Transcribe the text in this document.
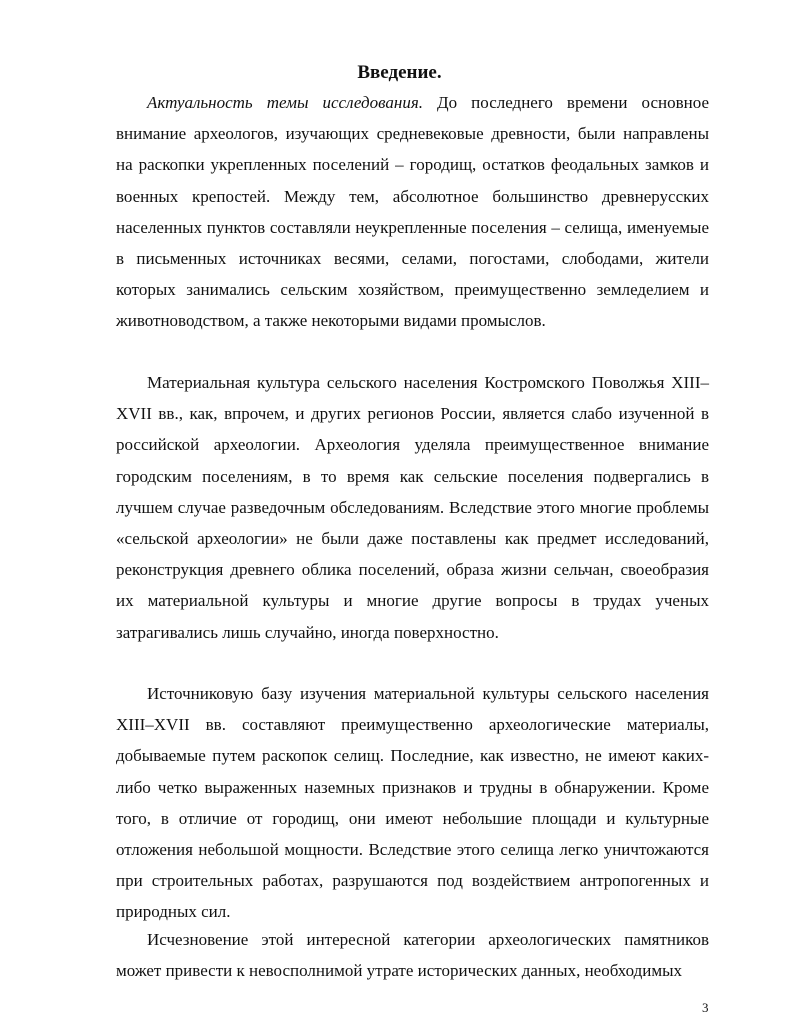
Введение.

Актуальность темы исследования. До последнего времени основное внимание археологов, изучающих средневековые древности, были направлены на раскопки укрепленных поселений – городищ, остатков феодальных замков и военных крепостей. Между тем, абсолютное большинство древнерусских населенных пунктов составляли неукрепленные поселения – селища, именуемые в письменных источниках весями, селами, погостами, слободами, жители которых занимались сельским хозяйством, преимущественно земледелием и животноводством, а также некоторыми видами промыслов.

Материальная культура сельского населения Костромского Поволжья XIII–XVII вв., как, впрочем, и других регионов России, является слабо изученной в российской археологии. Археология уделяла преимущественное внимание городским поселениям, в то время как сельские поселения подвергались в лучшем случае разведочным обследованиям. Вследствие этого многие проблемы «сельской археологии» не были даже поставлены как предмет исследований, реконструкция древнего облика поселений, образа жизни сельчан, своеобразия их материальной культуры и многие другие вопросы в трудах ученых затрагивались лишь случайно, иногда поверхностно.

Источниковую базу изучения материальной культуры сельского населения XIII–XVII вв. составляют преимущественно археологические материалы, добываемые путем раскопок селищ. Последние, как известно, не имеют каких-либо четко выраженных наземных признаков и трудны в обнаружении. Кроме того, в отличие от городищ, они имеют небольшие площади и культурные отложения небольшой мощности. Вследствие этого селища легко уничтожаются при строительных работах, разрушаются под воздействием антропогенных и природных сил.

Исчезновение этой интересной категории археологических памятников может привести к невосполнимой утрате исторических данных, необходимых

3
